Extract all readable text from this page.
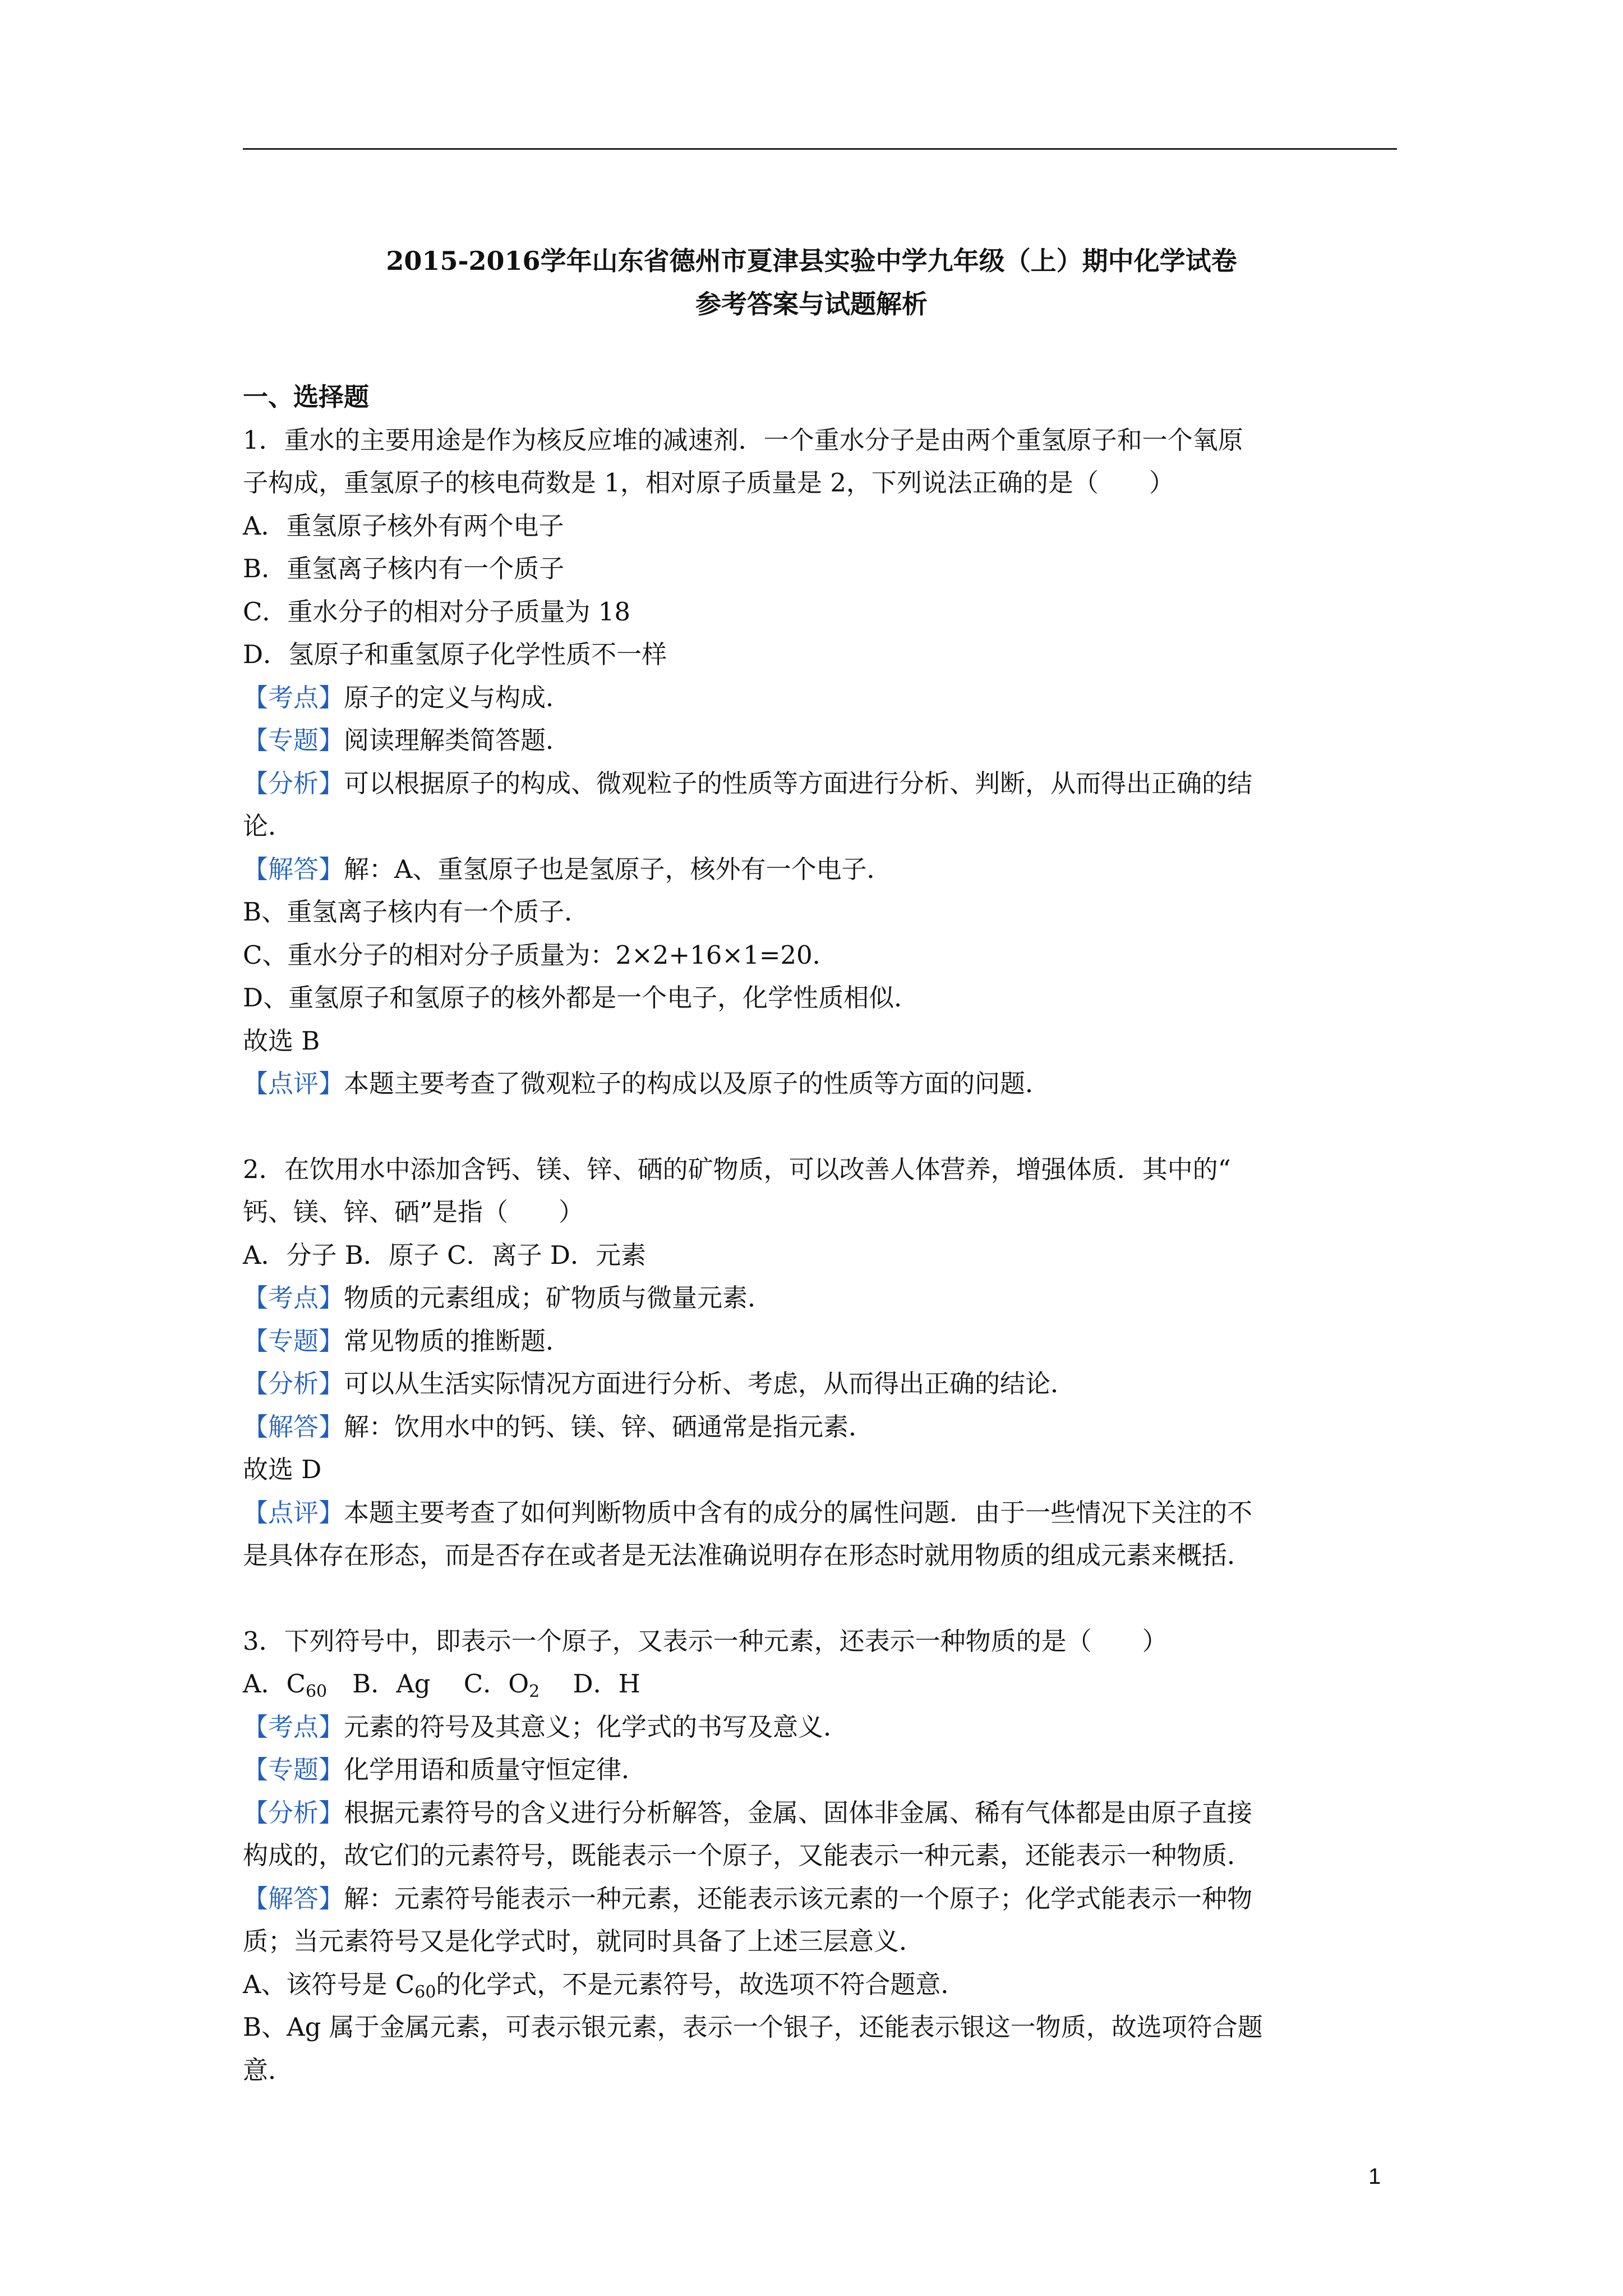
2015-2016学年山东省德州市夏津县实验中学九年级（上）期中化学试卷
参考答案与试题解析

一、选择题

1．重水的主要用途是作为核反应堆的减速剂．一个重水分子是由两个重氢原子和一个氧原

子构成，重氢原子的核电荷数是 1，相对原子质量是 2，下列说法正确的是（　　）

A．重氢原子核外有两个电子

B．重氢离子核内有一个质子

C．重水分子的相对分子质量为 18

D．氢原子和重氢原子化学性质不一样

【考点】原子的定义与构成．

【专题】阅读理解类简答题．

【分析】可以根据原子的构成、微观粒子的性质等方面进行分析、判断，从而得出正确的结

论．

【解答】解：A、重氢原子也是氢原子，核外有一个电子．

B、重氢离子核内有一个质子．

C、重水分子的相对分子质量为：2×2+16×1=20．

D、重氢原子和氢原子的核外都是一个电子，化学性质相似．

故选 B

【点评】本题主要考查了微观粒子的构成以及原子的性质等方面的问题．

2．在饮用水中添加含钙、镁、锌、硒的矿物质，可以改善人体营养，增强体质．其中的“

钙、镁、锌、硒”是指（　　）

A．分子 B．原子 C．离子 D．元素

【考点】物质的元素组成；矿物质与微量元素．

【专题】常见物质的推断题．

【分析】可以从生活实际情况方面进行分析、考虑，从而得出正确的结论．

【解答】解：饮用水中的钙、镁、锌、硒通常是指元素．

故选 D

【点评】本题主要考查了如何判断物质中含有的成分的属性问题．由于一些情况下关注的不

是具体存在形态，而是否存在或者是无法准确说明存在形态时就用物质的组成元素来概括．

3．下列符号中，即表示一个原子，又表示一种元素，还表示一种物质的是（　　）

A．$C_{60}$　B．Ag　 C．$O_2$　 D．H

【考点】元素的符号及其意义；化学式的书写及意义．

【专题】化学用语和质量守恒定律．

【分析】根据元素符号的含义进行分析解答，金属、固体非金属、稀有气体都是由原子直接

构成的，故它们的元素符号，既能表示一个原子，又能表示一种元素，还能表示一种物质．

【解答】解：元素符号能表示一种元素，还能表示该元素的一个原子；化学式能表示一种物

质；当元素符号又是化学式时，就同时具备了上述三层意义．

A、该符号是 $C_{60}$的化学式，不是元素符号，故选项不符合题意．

B、Ag 属于金属元素，可表示银元素，表示一个银子，还能表示银这一物质，故选项符合题

意．

1
